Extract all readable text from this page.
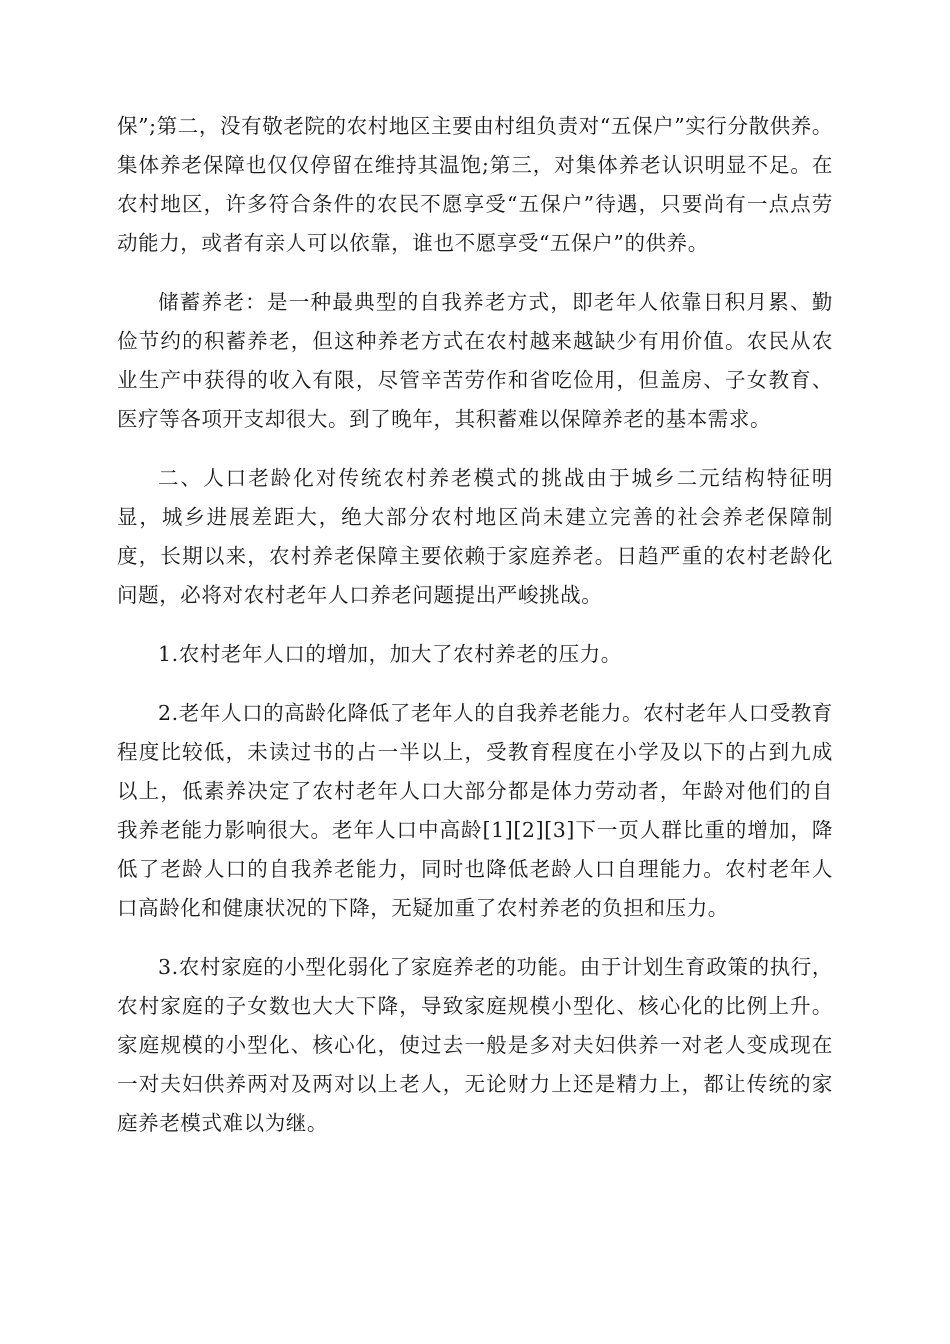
保”;第二，没有敬老院的农村地区主要由村组负责对“五保户”实行分散供养。集体养老保障也仅仅停留在维持其温饱;第三，对集体养老认识明显不足。在农村地区，许多符合条件的农民不愿享受“五保户”待遇，只要尚有一点点劳动能力，或者有亲人可以依靠，谁也不愿享受“五保户”的供养。

储蓄养老：是一种最典型的自我养老方式，即老年人依靠日积月累、勤俭节约的积蓄养老，但这种养老方式在农村越来越缺少有用价值。农民从农业生产中获得的收入有限，尽管辛苦劳作和省吃俭用，但盖房、子女教育、医疗等各项开支却很大。到了晚年，其积蓄难以保障养老的基本需求。

二、人口老龄化对传统农村养老模式的挑战由于城乡二元结构特征明显，城乡进展差距大，绝大部分农村地区尚未建立完善的社会养老保障制度，长期以来，农村养老保障主要依赖于家庭养老。日趋严重的农村老龄化问题，必将对农村老年人口养老问题提出严峻挑战。

1.农村老年人口的增加，加大了农村养老的压力。

2.老年人口的高龄化降低了老年人的自我养老能力。农村老年人口受教育程度比较低，未读过书的占一半以上，受教育程度在小学及以下的占到九成以上，低素养决定了农村老年人口大部分都是体力劳动者，年龄对他们的自我养老能力影响很大。老年人口中高龄[1][2][3]下一页人群比重的增加，降低了老龄人口的自我养老能力，同时也降低老龄人口自理能力。农村老年人口高龄化和健康状况的下降，无疑加重了农村养老的负担和压力。

3.农村家庭的小型化弱化了家庭养老的功能。由于计划生育政策的执行，农村家庭的子女数也大大下降，导致家庭规模小型化、核心化的比例上升。家庭规模的小型化、核心化，使过去一般是多对夫妇供养一对老人变成现在一对夫妇供养两对及两对以上老人，无论财力上还是精力上，都让传统的家庭养老模式难以为继。
